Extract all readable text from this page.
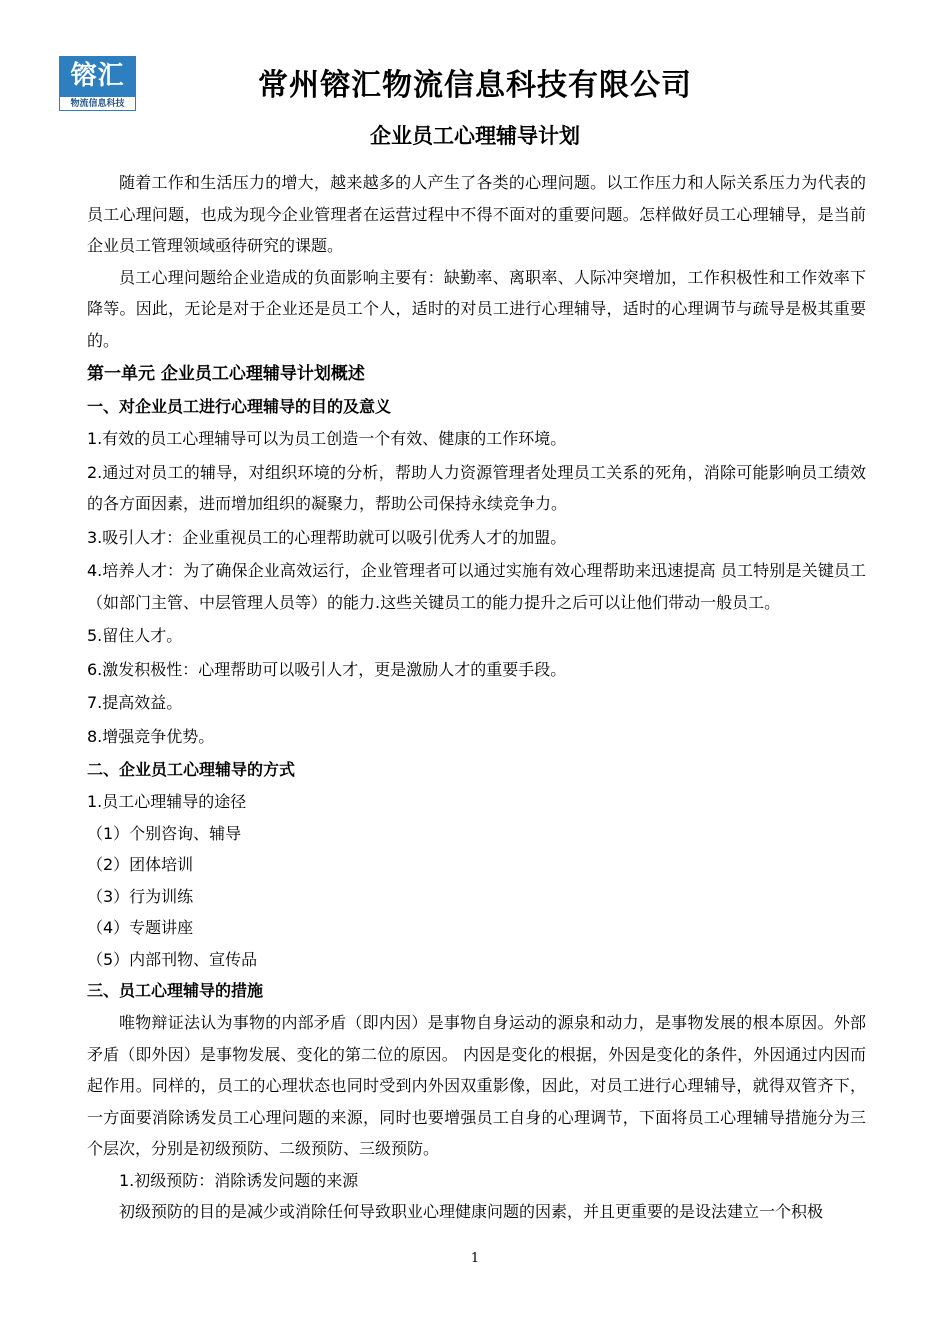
镕汇
物流信息科技
常州镕汇物流信息科技有限公司
企业员工心理辅导计划

随着工作和生活压力的增大，越来越多的人产生了各类的心理问题。以工作压力和人际关系压力为代表的员工心理问题，也成为现今企业管理者在运营过程中不得不面对的重要问题。怎样做好员工心理辅导，是当前企业员工管理领域亟待研究的课题。

员工心理问题给企业造成的负面影响主要有：缺勤率、离职率、人际冲突增加，工作积极性和工作效率下降等。因此，无论是对于企业还是员工个人，适时的对员工进行心理辅导，适时的心理调节与疏导是极其重要的。

第一单元 企业员工心理辅导计划概述
一、对企业员工进行心理辅导的目的及意义

1.有效的员工心理辅导可以为员工创造一个有效、健康的工作环境。

2.通过对员工的辅导，对组织环境的分析，帮助人力资源管理者处理员工关系的死角，消除可能影响员工绩效的各方面因素，进而增加组织的凝聚力，帮助公司保持永续竞争力。

3.吸引人才：企业重视员工的心理帮助就可以吸引优秀人才的加盟。

4.培养人才：为了确保企业高效运行，企业管理者可以通过实施有效心理帮助来迅速提高 员工特别是关键员工（如部门主管、中层管理人员等）的能力.这些关键员工的能力提升之后可以让他们带动一般员工。

5.留住人才。

6.激发积极性：心理帮助可以吸引人才，更是激励人才的重要手段。

7.提高效益。

8.增强竞争优势。

二、企业员工心理辅导的方式

1.员工心理辅导的途径

（1）个别咨询、辅导

（2）团体培训

（3）行为训练

（4）专题讲座

（5）内部刊物、宣传品

三、员工心理辅导的措施

唯物辩证法认为事物的内部矛盾（即内因）是事物自身运动的源泉和动力，是事物发展的根本原因。外部矛盾（即外因）是事物发展、变化的第二位的原因。 内因是变化的根据，外因是变化的条件，外因通过内因而起作用。同样的，员工的心理状态也同时受到内外因双重影像，因此，对员工进行心理辅导，就得双管齐下，一方面要消除诱发员工心理问题的来源，同时也要增强员工自身的心理调节，下面将员工心理辅导措施分为三个层次，分别是初级预防、二级预防、三级预防。

1.初级预防：消除诱发问题的来源

初级预防的目的是减少或消除任何导致职业心理健康问题的因素，并且更重要的是设法建立一个积极

1
